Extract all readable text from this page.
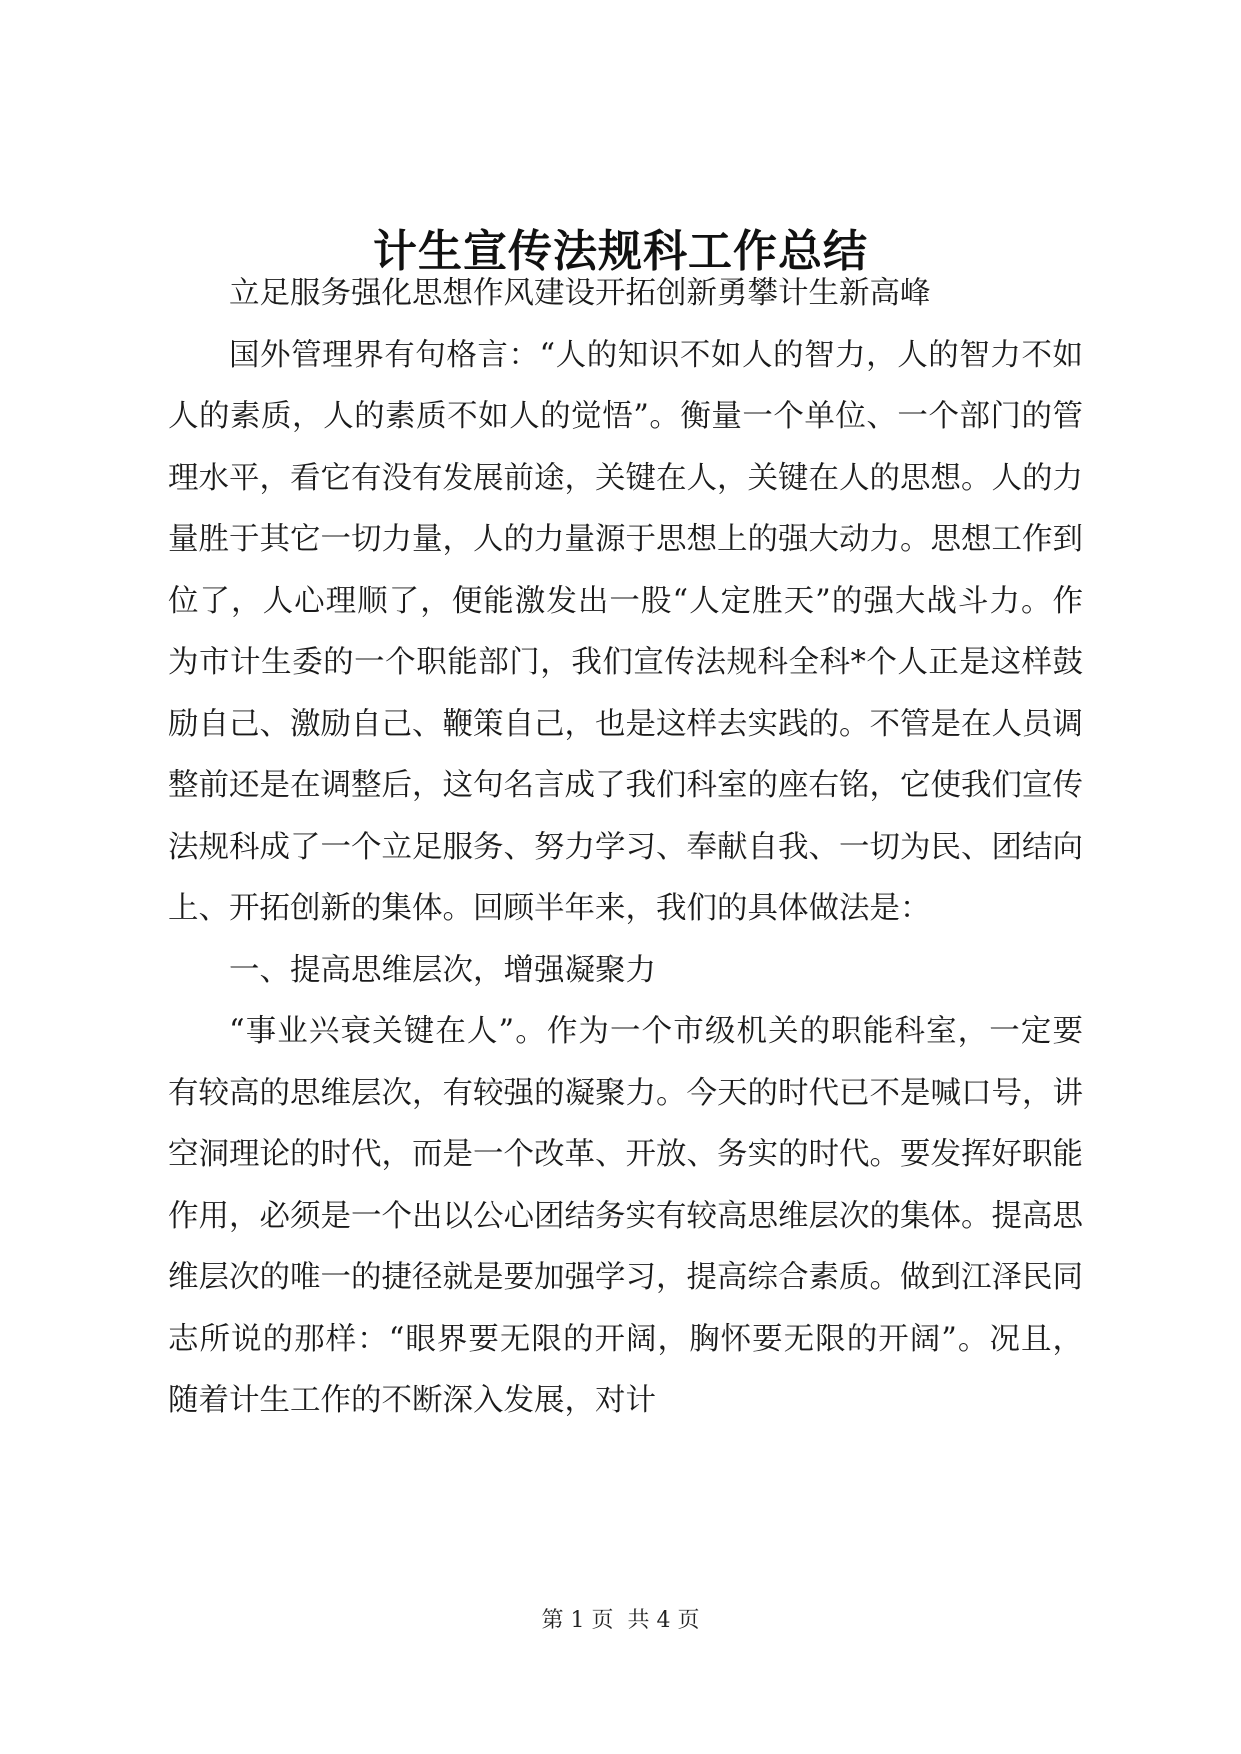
计生宣传法规科工作总结

立足服务强化思想作风建设开拓创新勇攀计生新高峰

国外管理界有句格言：“人的知识不如人的智力，人的智力不如人的素质，人的素质不如人的觉悟”。衡量一个单位、一个部门的管理水平，看它有没有发展前途，关键在人，关键在人的思想。人的力量胜于其它一切力量，人的力量源于思想上的强大动力。思想工作到位了，人心理顺了，便能激发出一股“人定胜天”的强大战斗力。作为市计生委的一个职能部门，我们宣传法规科全科*个人正是这样鼓励自己、激励自己、鞭策自己，也是这样去实践的。不管是在人员调整前还是在调整后，这句名言成了我们科室的座右铭，它使我们宣传法规科成了一个立足服务、努力学习、奉献自我、一切为民、团结向上、开拓创新的集体。回顾半年来，我们的具体做法是：

一、提高思维层次，增强凝聚力

“事业兴衰关键在人”。作为一个市级机关的职能科室，一定要有较高的思维层次，有较强的凝聚力。今天的时代已不是喊口号，讲空洞理论的时代，而是一个改革、开放、务实的时代。要发挥好职能作用，必须是一个出以公心团结务实有较高思维层次的集体。提高思维层次的唯一的捷径就是要加强学习，提高综合素质。做到江泽民同志所说的那样：“眼界要无限的开阔，胸怀要无限的开阔”。况且，随着计生工作的不断深入发展，对计

第 1 页  共 4 页
